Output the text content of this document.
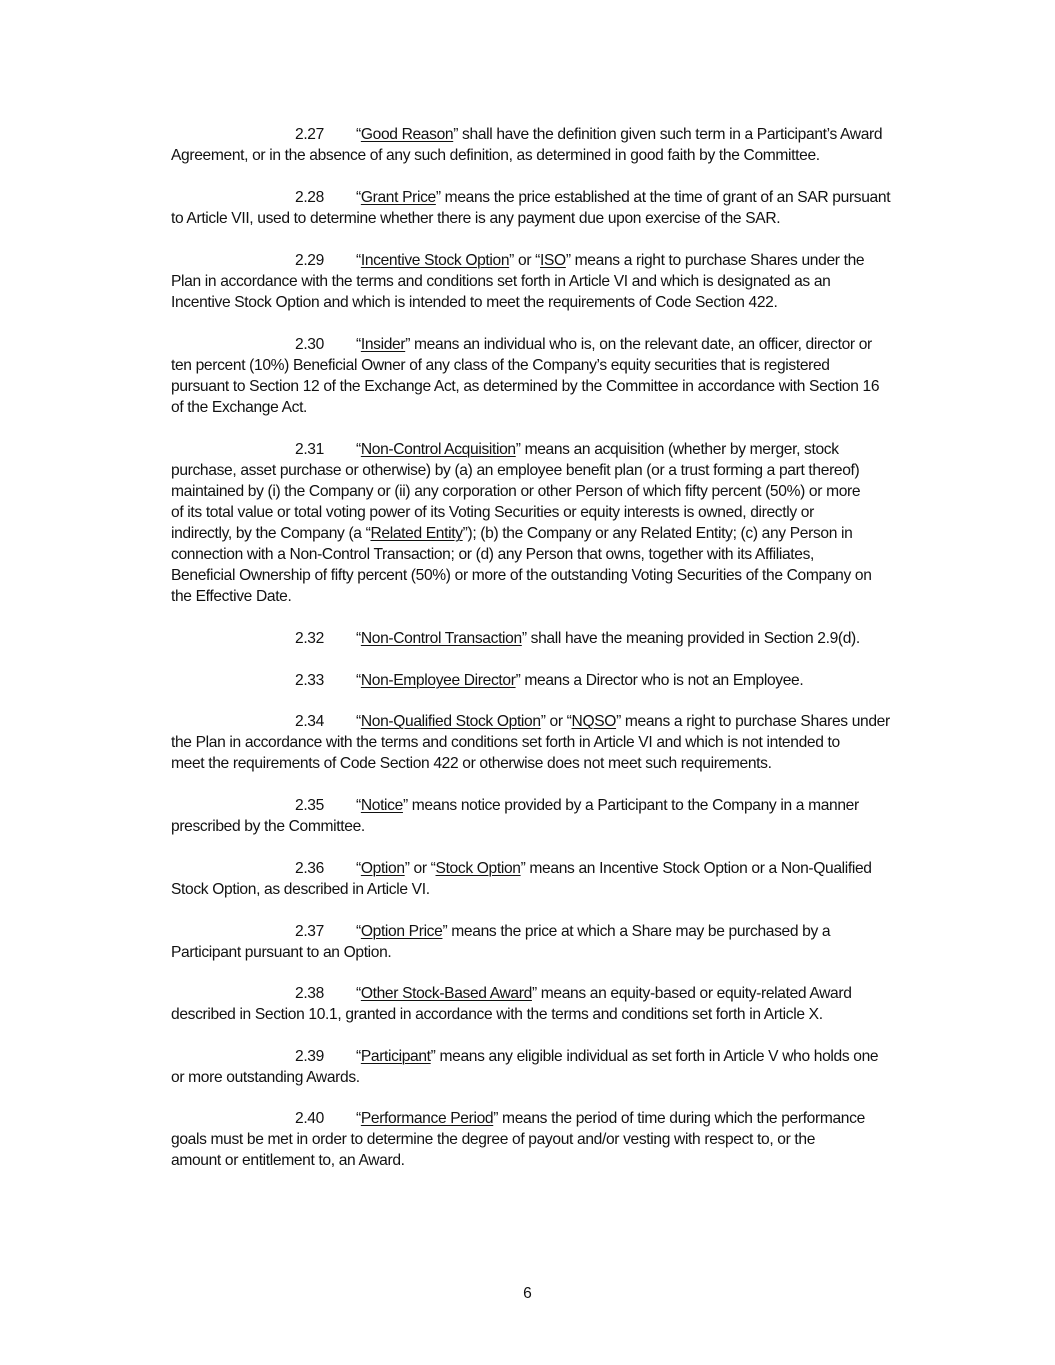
2.27 “Good Reason” shall have the definition given such term in a Participant’s Award
Agreement, or in the absence of any such definition, as determined in good faith by the Committee.
2.28 “Grant Price” means the price established at the time of grant of an SAR pursuant
to Article VII, used to determine whether there is any payment due upon exercise of the SAR.
2.29 “Incentive Stock Option” or “ISO” means a right to purchase Shares under the
Plan in accordance with the terms and conditions set forth in Article VI and which is designated as an
Incentive Stock Option and which is intended to meet the requirements of Code Section 422.
2.30 “Insider” means an individual who is, on the relevant date, an officer, director or
ten percent (10%) Beneficial Owner of any class of the Company’s equity securities that is registered
pursuant to Section 12 of the Exchange Act, as determined by the Committee in accordance with Section 16
of the Exchange Act.
2.31 “Non-Control Acquisition” means an acquisition (whether by merger, stock
purchase, asset purchase or otherwise) by (a) an employee benefit plan (or a trust forming a part thereof)
maintained by (i) the Company or (ii) any corporation or other Person of which fifty percent (50%) or more
of its total value or total voting power of its Voting Securities or equity interests is owned, directly or
indirectly, by the Company (a “Related Entity”); (b) the Company or any Related Entity; (c) any Person in
connection with a Non-Control Transaction; or (d) any Person that owns, together with its Affiliates,
Beneficial Ownership of fifty percent (50%) or more of the outstanding Voting Securities of the Company on
the Effective Date.
2.32 “Non-Control Transaction” shall have the meaning provided in Section 2.9(d).
2.33 “Non-Employee Director” means a Director who is not an Employee.
2.34 “Non-Qualified Stock Option” or “NQSO” means a right to purchase Shares under
the Plan in accordance with the terms and conditions set forth in Article VI and which is not intended to
meet the requirements of Code Section 422 or otherwise does not meet such requirements.
2.35 “Notice” means notice provided by a Participant to the Company in a manner
prescribed by the Committee.
2.36 “Option” or “Stock Option” means an Incentive Stock Option or a Non-Qualified
Stock Option, as described in Article VI.
2.37 “Option Price” means the price at which a Share may be purchased by a
Participant pursuant to an Option.
2.38 “Other Stock-Based Award” means an equity-based or equity-related Award
described in Section 10.1, granted in accordance with the terms and conditions set forth in Article X.
2.39 “Participant” means any eligible individual as set forth in Article V who holds one
or more outstanding Awards.
2.40 “Performance Period” means the period of time during which the performance
goals must be met in order to determine the degree of payout and/or vesting with respect to, or the
amount or entitlement to, an Award.
6
